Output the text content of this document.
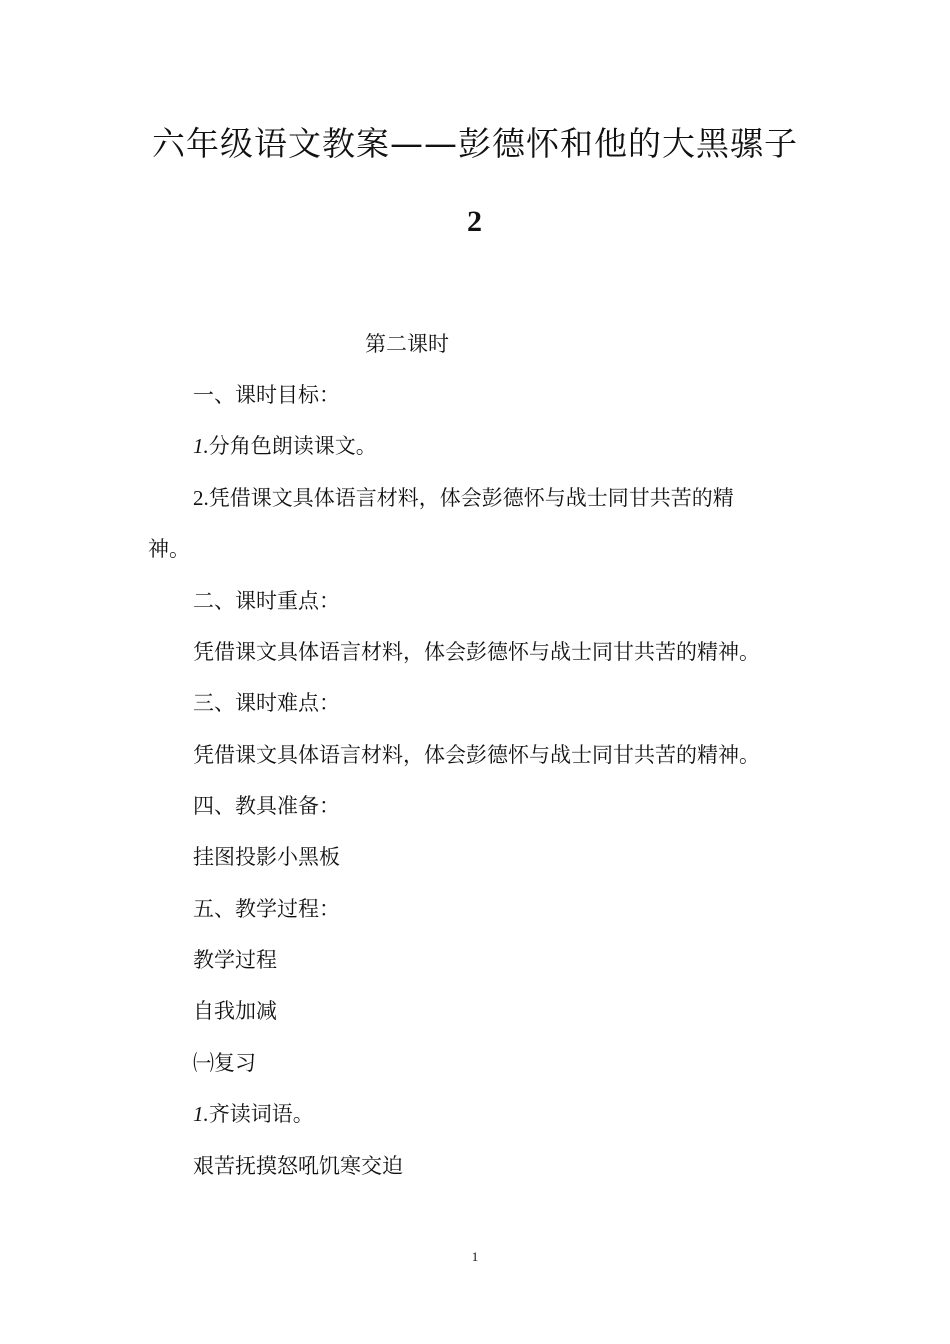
六年级语文教案——彭德怀和他的大黑骡子
2
第二课时
一、课时目标：
1.分角色朗读课文。
2.凭借课文具体语言材料，体会彭德怀与战士同甘共苦的精
神。
二、课时重点：
凭借课文具体语言材料，体会彭德怀与战士同甘共苦的精神。
三、课时难点：
凭借课文具体语言材料，体会彭德怀与战士同甘共苦的精神。
四、教具准备：
挂图投影小黑板
五、教学过程：
教学过程
自我加减
㈠复习
1.齐读词语。
艰苦抚摸怒吼饥寒交迫
1
